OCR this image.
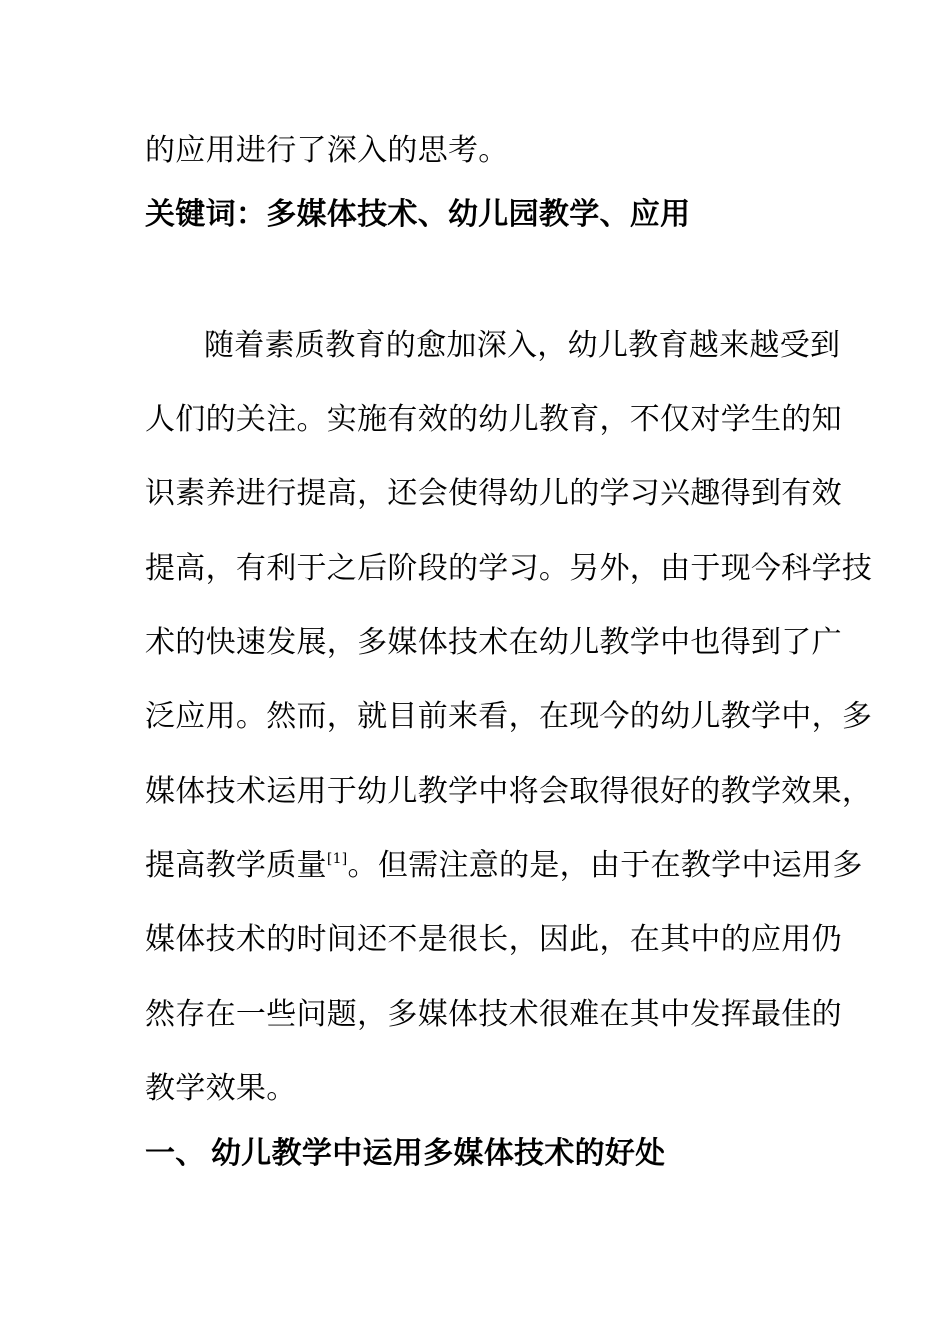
的应用进行了深入的思考。
关键词：多媒体技术、幼儿园教学、应用
随着素质教育的愈加深入，幼儿教育越来越受到
人们的关注。实施有效的幼儿教育，不仅对学生的知
识素养进行提高，还会使得幼儿的学习兴趣得到有效
提高，有利于之后阶段的学习。另外，由于现今科学技
术的快速发展，多媒体技术在幼儿教学中也得到了广
泛应用。然而，就目前来看，在现今的幼儿教学中，多
媒体技术运用于幼儿教学中将会取得很好的教学效果，
提高教学质量[1]。但需注意的是，由于在教学中运用多
媒体技术的时间还不是很长，因此，在其中的应用仍
然存在一些问题，多媒体技术很难在其中发挥最佳的
教学效果。
一、 幼儿教学中运用多媒体技术的好处
